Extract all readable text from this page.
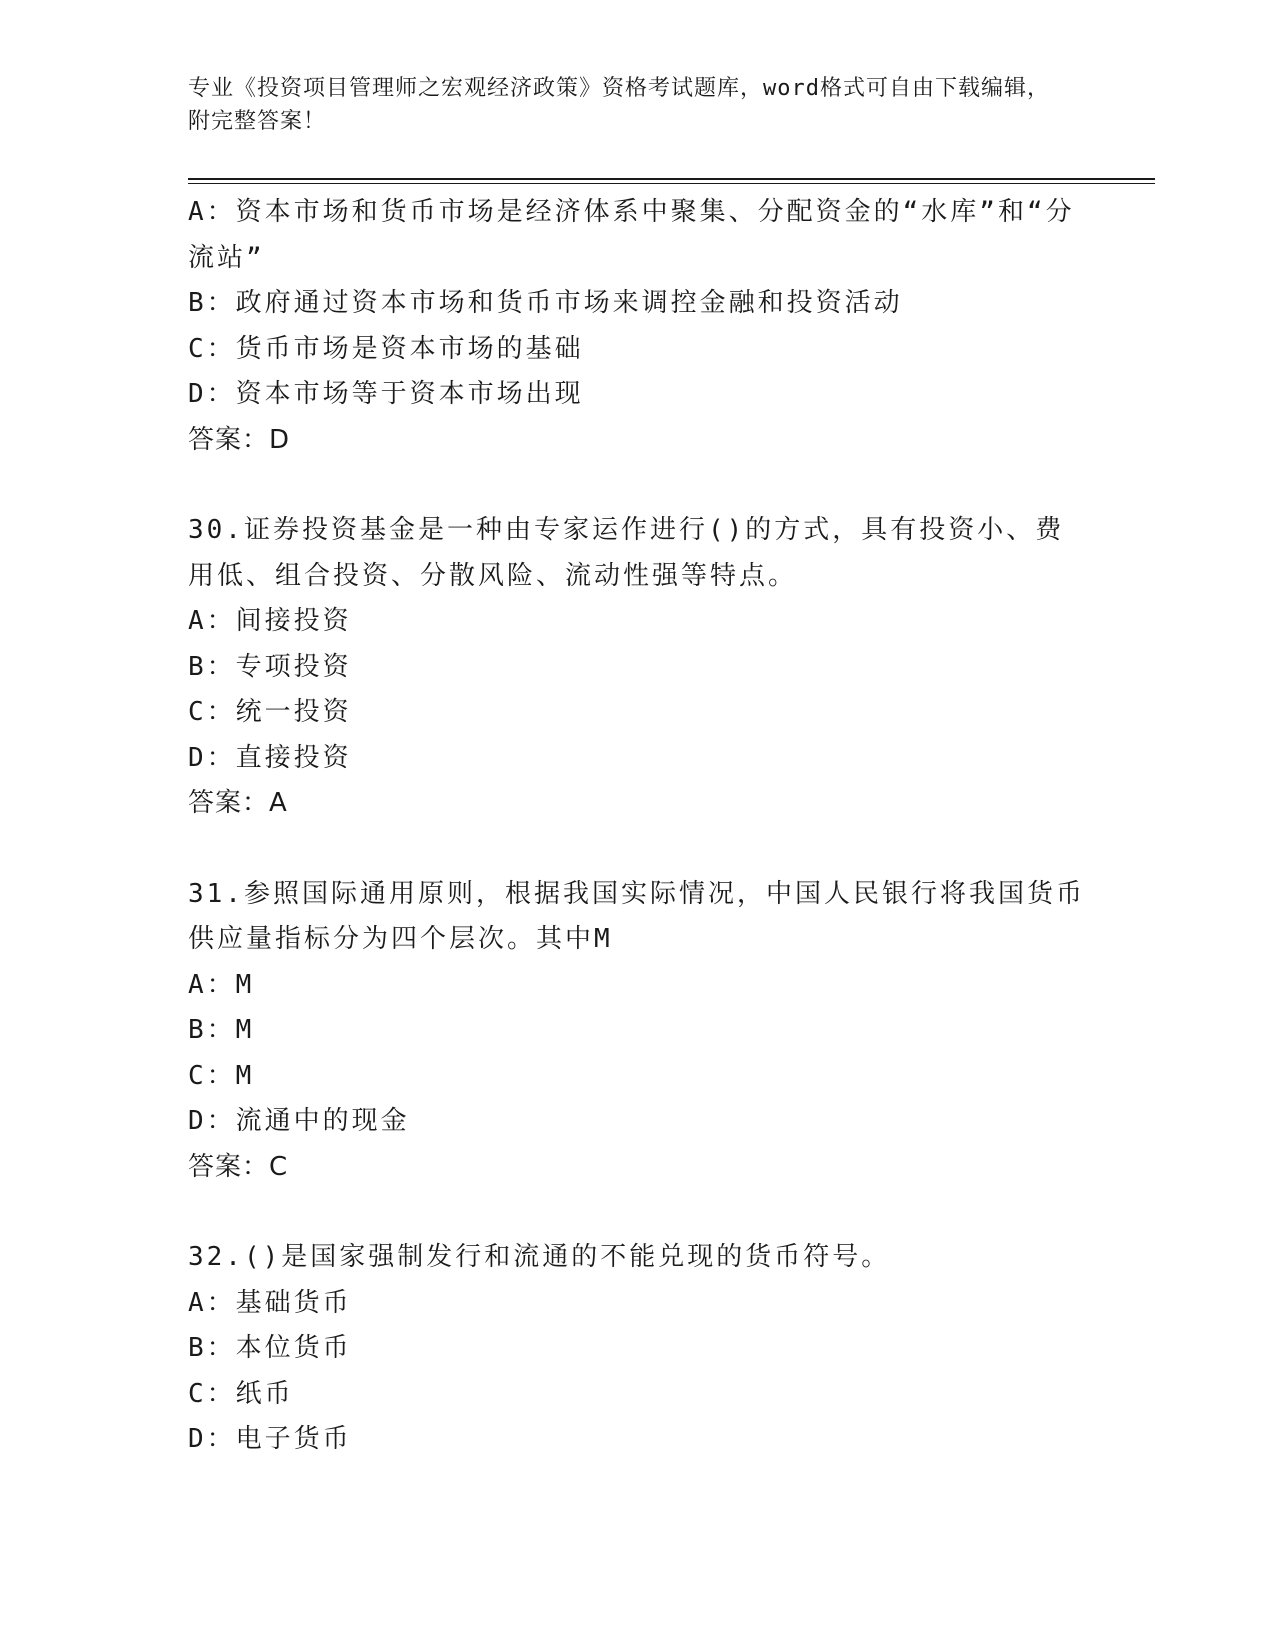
专业《投资项目管理师之宏观经济政策》资格考试题库，word格式可自由下载编辑，附完整答案！

A：资本市场和货币市场是经济体系中聚集、分配资金的“水库”和“分流站”

B：政府通过资本市场和货币市场来调控金融和投资活动

C：货币市场是资本市场的基础

D：资本市场等于资本市场出现

答案：D

30.证券投资基金是一种由专家运作进行()的方式，具有投资小、费用低、组合投资、分散风险、流动性强等特点。

A：间接投资

B：专项投资

C：统一投资

D：直接投资

答案：A

31.参照国际通用原则，根据我国实际情况，中国人民银行将我国货币供应量指标分为四个层次。其中M

A：M

B：M

C：M

D：流通中的现金

答案：C

32.()是国家强制发行和流通的不能兑现的货币符号。

A：基础货币

B：本位货币

C：纸币

D：电子货币
